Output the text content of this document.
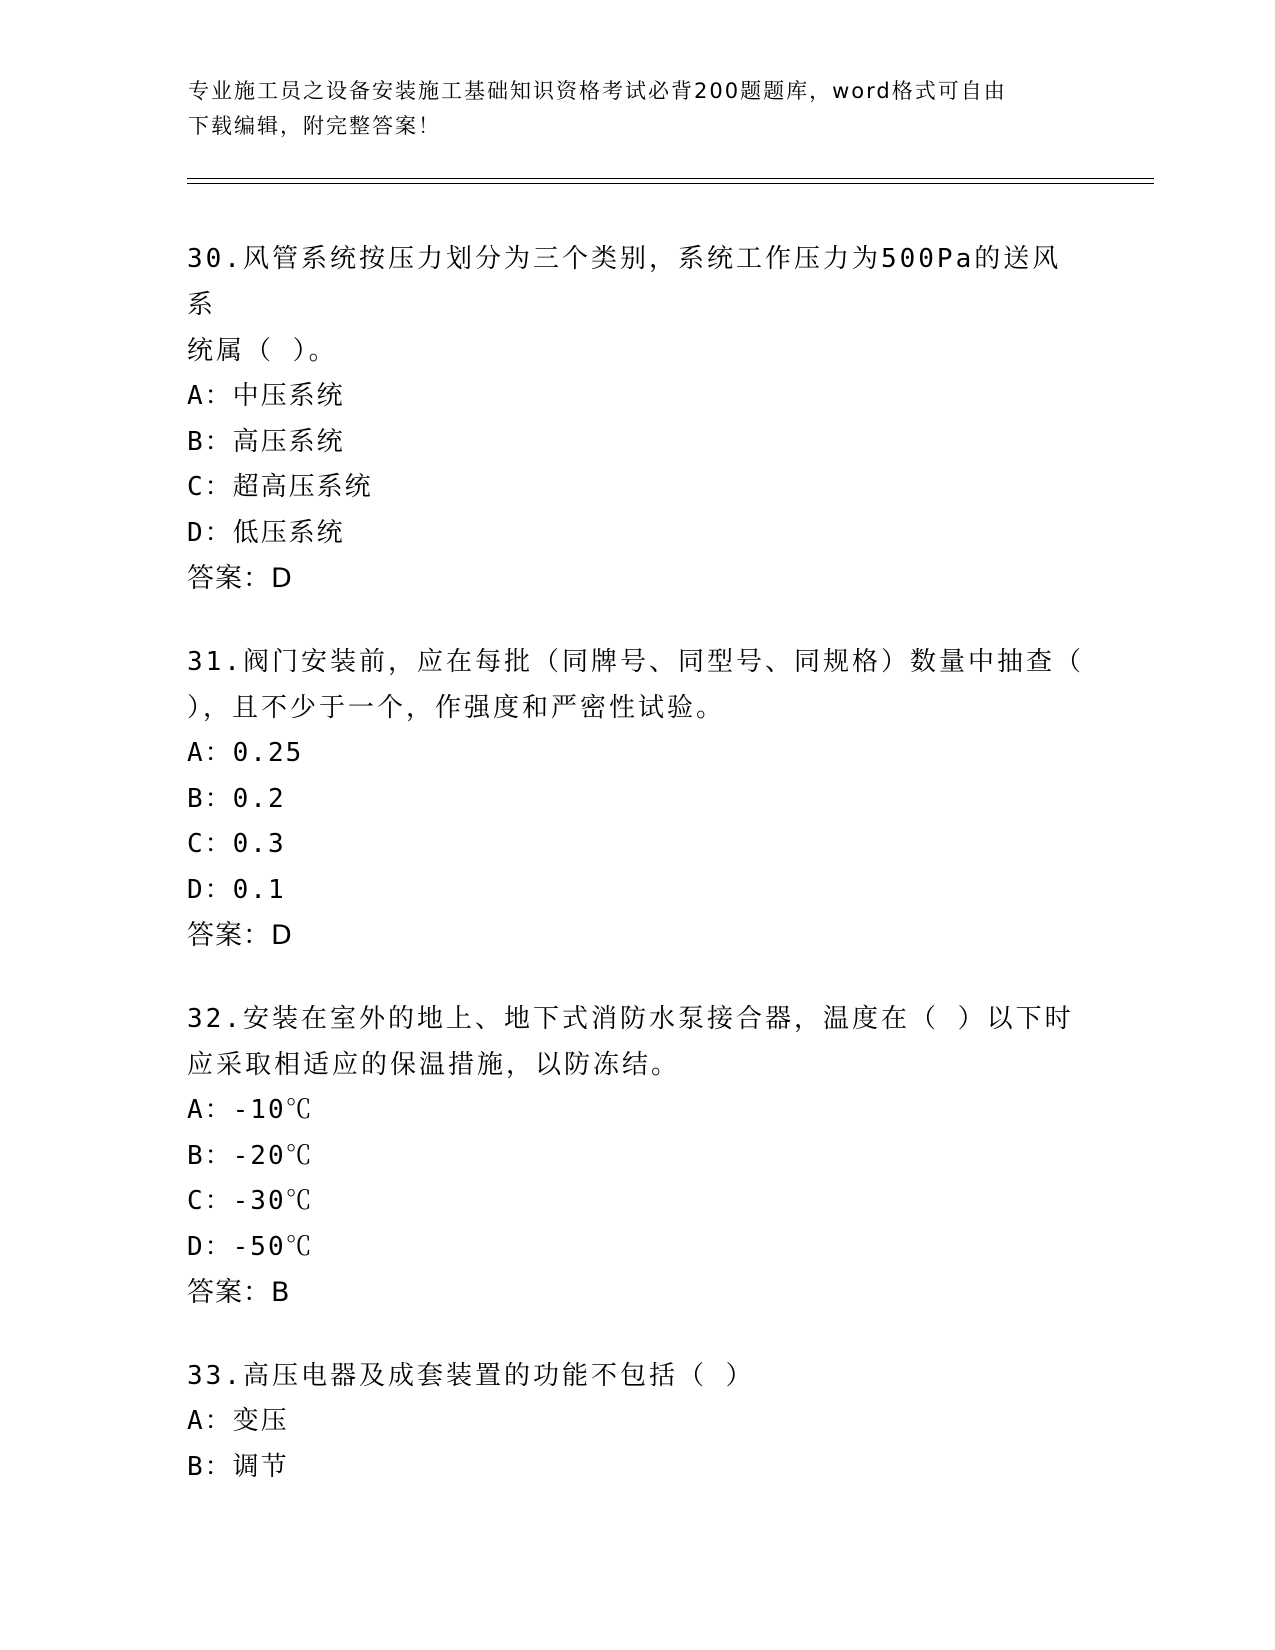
专业施工员之设备安装施工基础知识资格考试必背200题题库，word格式可自由
下载编辑，附完整答案！
30.风管系统按压力划分为三个类别，系统工作压力为500Pa的送风系
统属（ ）。
A：中压系统
B：高压系统
C：超高压系统
D：低压系统
答案：D
31.阀门安装前，应在每批（同牌号、同型号、同规格）数量中抽查（
），且不少于一个，作强度和严密性试验。
A：0.25
B：0.2
C：0.3
D：0.1
答案：D
32.安装在室外的地上、地下式消防水泵接合器，温度在（ ）以下时
应采取相适应的保温措施，以防冻结。
A：-10℃
B：-20℃
C：-30℃
D：-50℃
答案：B
33.高压电器及成套装置的功能不包括（ ）
A：变压
B：调节
